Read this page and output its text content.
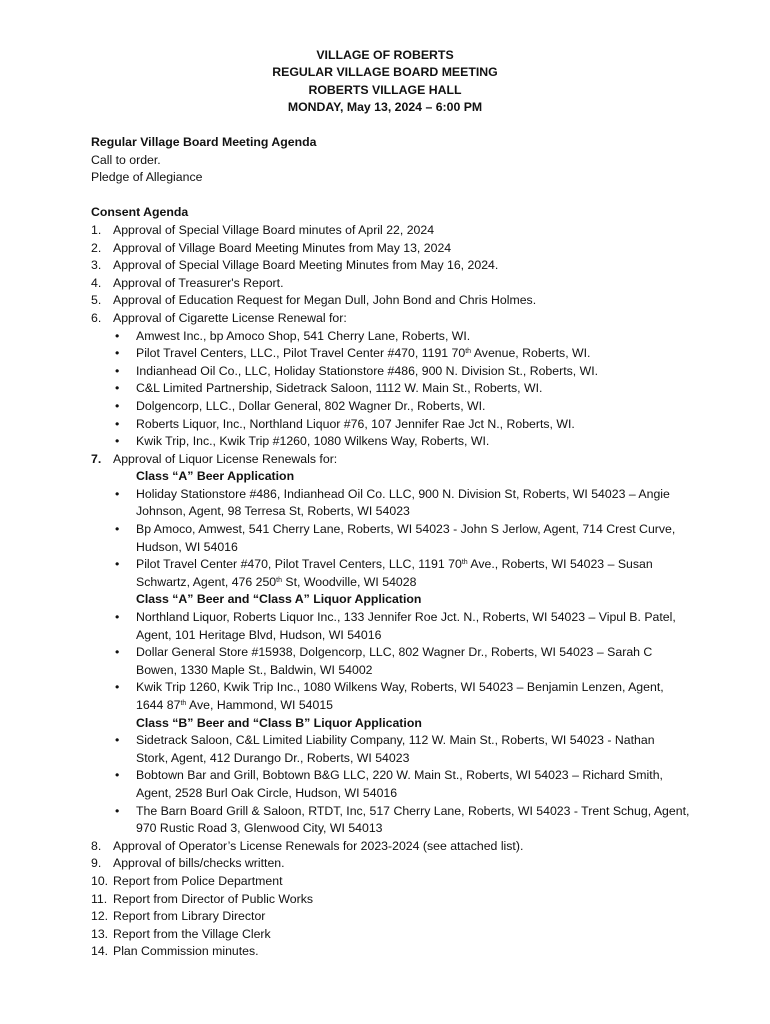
VILLAGE OF ROBERTS
REGULAR VILLAGE BOARD MEETING
ROBERTS VILLAGE HALL
MONDAY, May 13, 2024 – 6:00 PM
Regular Village Board Meeting Agenda
Call to order.
Pledge of Allegiance
Consent Agenda
1. Approval of Special Village Board minutes of April 22, 2024
2. Approval of Village Board Meeting Minutes from May 13, 2024
3. Approval of Special Village Board Meeting Minutes from May 16, 2024.
4. Approval of Treasurer's Report.
5. Approval of Education Request for Megan Dull, John Bond and Chris Holmes.
6. Approval of Cigarette License Renewal for:
• Amwest Inc., bp Amoco Shop, 541 Cherry Lane, Roberts, WI.
• Pilot Travel Centers, LLC., Pilot Travel Center #470, 1191 70th Avenue, Roberts, WI.
• Indianhead Oil Co., LLC, Holiday Stationstore #486, 900 N. Division St., Roberts, WI.
• C&L Limited Partnership, Sidetrack Saloon, 1112 W. Main St., Roberts, WI.
• Dolgencorp, LLC., Dollar General, 802 Wagner Dr., Roberts, WI.
• Roberts Liquor, Inc., Northland Liquor #76, 107 Jennifer Rae Jct N., Roberts, WI.
• Kwik Trip, Inc., Kwik Trip #1260, 1080 Wilkens Way, Roberts, WI.
7. Approval of Liquor License Renewals for:
Class “A” Beer Application
• Holiday Stationstore #486, Indianhead Oil Co. LLC, 900 N. Division St, Roberts, WI 54023 – Angie
Johnson, Agent, 98 Terresa St, Roberts, WI 54023
• Bp Amoco, Amwest, 541 Cherry Lane, Roberts, WI 54023 - John S Jerlow, Agent, 714 Crest Curve,
Hudson, WI 54016
• Pilot Travel Center #470, Pilot Travel Centers, LLC, 1191 70th Ave., Roberts, WI 54023 – Susan
Schwartz, Agent, 476 250th St, Woodville, WI 54028
Class “A” Beer and “Class A” Liquor Application
• Northland Liquor, Roberts Liquor Inc., 133 Jennifer Roe Jct. N., Roberts, WI 54023 – Vipul B. Patel,
Agent, 101 Heritage Blvd, Hudson, WI 54016
• Dollar General Store #15938, Dolgencorp, LLC, 802 Wagner Dr., Roberts, WI 54023 – Sarah C
Bowen, 1330 Maple St., Baldwin, WI 54002
• Kwik Trip 1260, Kwik Trip Inc., 1080 Wilkens Way, Roberts, WI 54023 – Benjamin Lenzen, Agent,
1644 87th Ave, Hammond, WI 54015
Class “B” Beer and “Class B” Liquor Application
• Sidetrack Saloon, C&L Limited Liability Company, 112 W. Main St., Roberts, WI 54023 - Nathan
Stork, Agent, 412 Durango Dr., Roberts, WI 54023
• Bobtown Bar and Grill, Bobtown B&G LLC, 220 W. Main St., Roberts, WI 54023 – Richard Smith,
Agent, 2528 Burl Oak Circle, Hudson, WI 54016
• The Barn Board Grill & Saloon, RTDT, Inc, 517 Cherry Lane, Roberts, WI 54023 - Trent Schug, Agent,
970 Rustic Road 3, Glenwood City, WI 54013
8. Approval of Operator’s License Renewals for 2023-2024 (see attached list).
9. Approval of bills/checks written.
10. Report from Police Department
11. Report from Director of Public Works
12. Report from Library Director
13. Report from the Village Clerk
14. Plan Commission minutes.
